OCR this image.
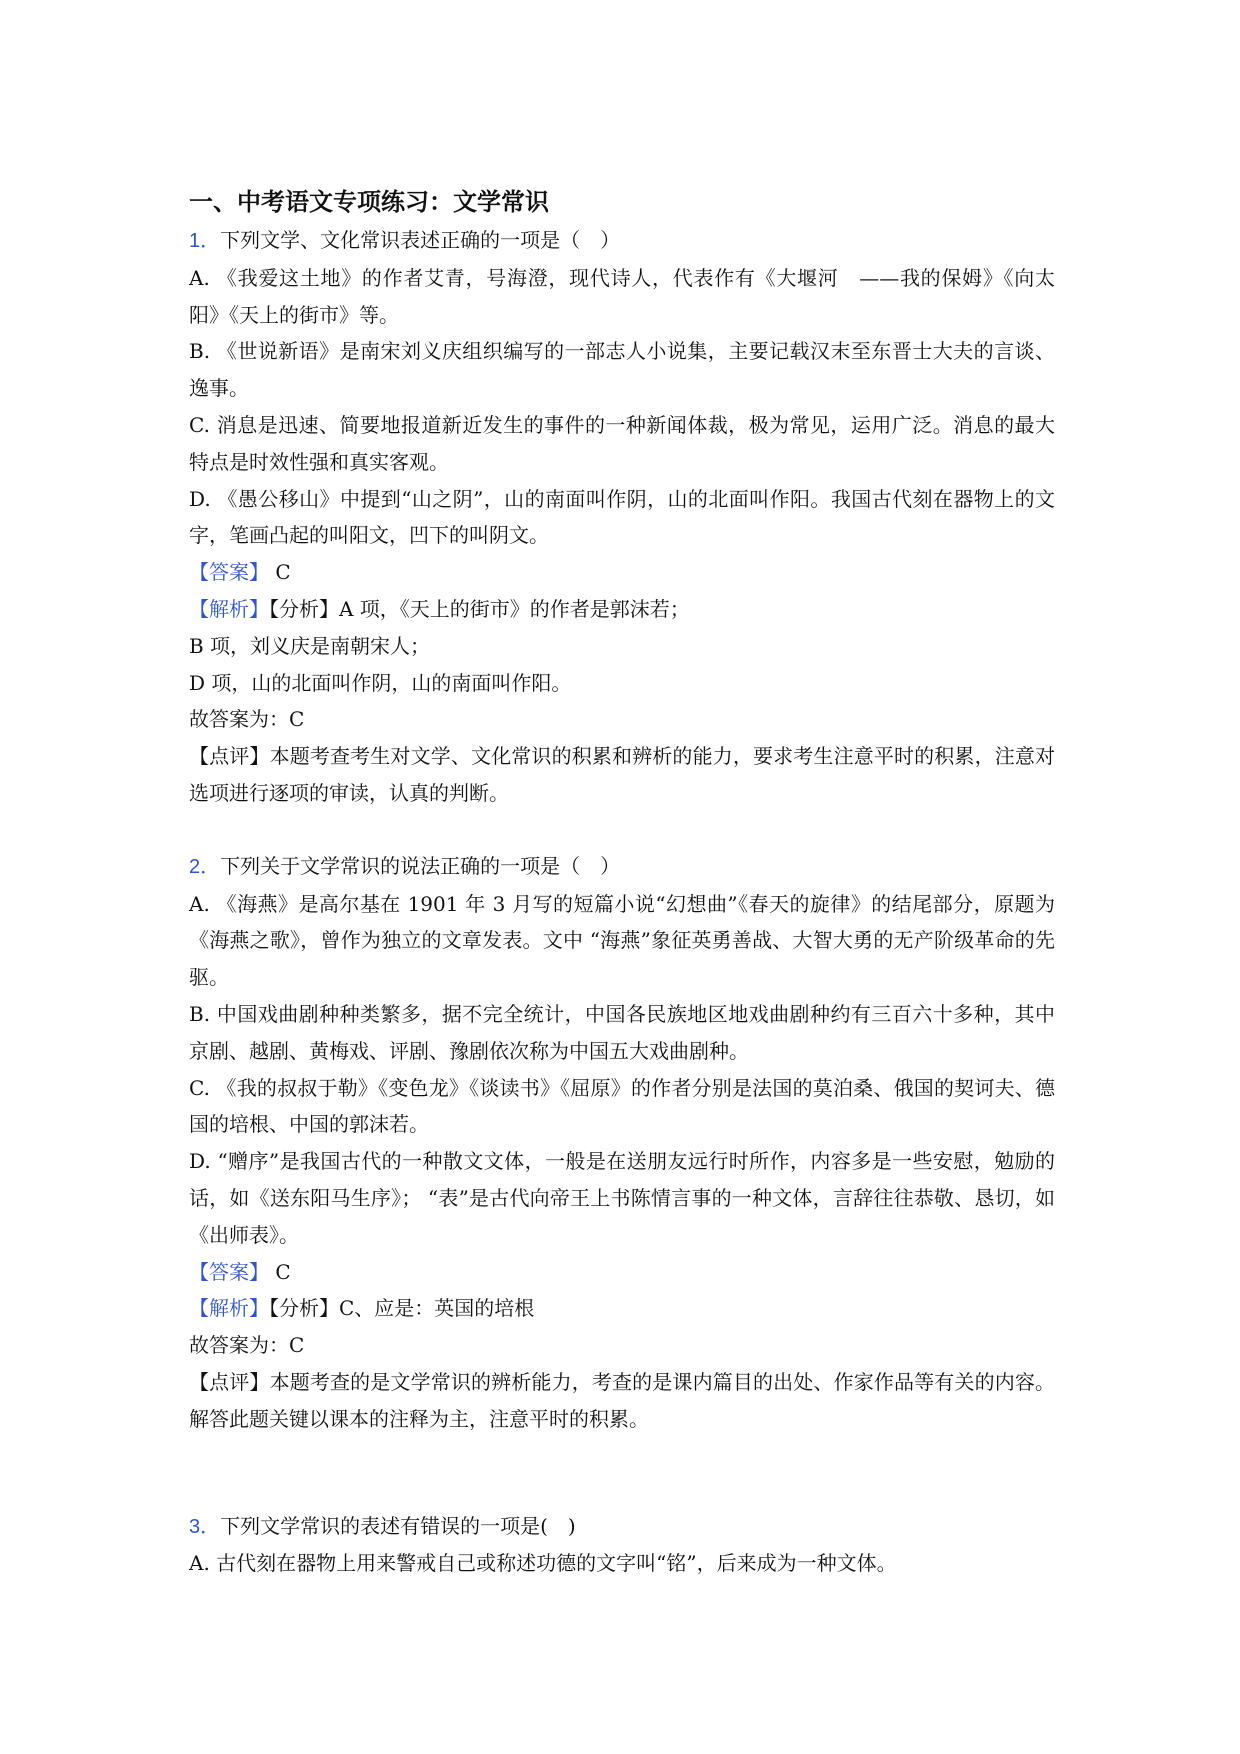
一、中考语文专项练习：文学常识

1．下列文学、文化常识表述正确的一项是（　）

A. 《我爱这土地》的作者艾青，号海澄，现代诗人，代表作有《大堰河　——我的保姆》《向太阳》《天上的街市》等。

B. 《世说新语》是南宋刘义庆组织编写的一部志人小说集，主要记载汉末至东晋士大夫的言谈、逸事。

C. 消息是迅速、简要地报道新近发生的事件的一种新闻体裁，极为常见，运用广泛。消息的最大特点是时效性强和真实客观。

D. 《愚公移山》中提到“山之阴”，山的南面叫作阴，山的北面叫作阳。我国古代刻在器物上的文字，笔画凸起的叫阳文，凹下的叫阴文。

【答案】 C

【解析】【分析】A 项，《天上的街市》的作者是郭沫若；

B 项，刘义庆是南朝宋人；

D 项，山的北面叫作阴，山的南面叫作阳。

故答案为：C

【点评】本题考查考生对文学、文化常识的积累和辨析的能力，要求考生注意平时的积累，注意对选项进行逐项的审读，认真的判断。

2．下列关于文学常识的说法正确的一项是（　）

A. 《海燕》是高尔基在 1901 年 3 月写的短篇小说“幻想曲”《春天的旋律》的结尾部分，原题为《海燕之歌》，曾作为独立的文章发表。文中 “海燕”象征英勇善战、大智大勇的无产阶级革命的先驱。

B. 中国戏曲剧种种类繁多，据不完全统计，中国各民族地区地戏曲剧种约有三百六十多种，其中京剧、越剧、黄梅戏、评剧、豫剧依次称为中国五大戏曲剧种。

C. 《我的叔叔于勒》《变色龙》《谈读书》《屈原》的作者分别是法国的莫泊桑、俄国的契诃夫、德国的培根、中国的郭沫若。

D. “赠序”是我国古代的一种散文文体，一般是在送朋友远行时所作，内容多是一些安慰，勉励的话，如《送东阳马生序》； “表”是古代向帝王上书陈情言事的一种文体，言辞往往恭敬、恳切，如《出师表》。

【答案】 C

【解析】【分析】C、应是：英国的培根

故答案为：C

【点评】本题考查的是文学常识的辨析能力，考查的是课内篇目的出处、作家作品等有关的内容。解答此题关键以课本的注释为主，注意平时的积累。

3．下列文学常识的表述有错误的一项是(　)

A. 古代刻在器物上用来警戒自己或称述功德的文字叫“铭”，后来成为一种文体。
